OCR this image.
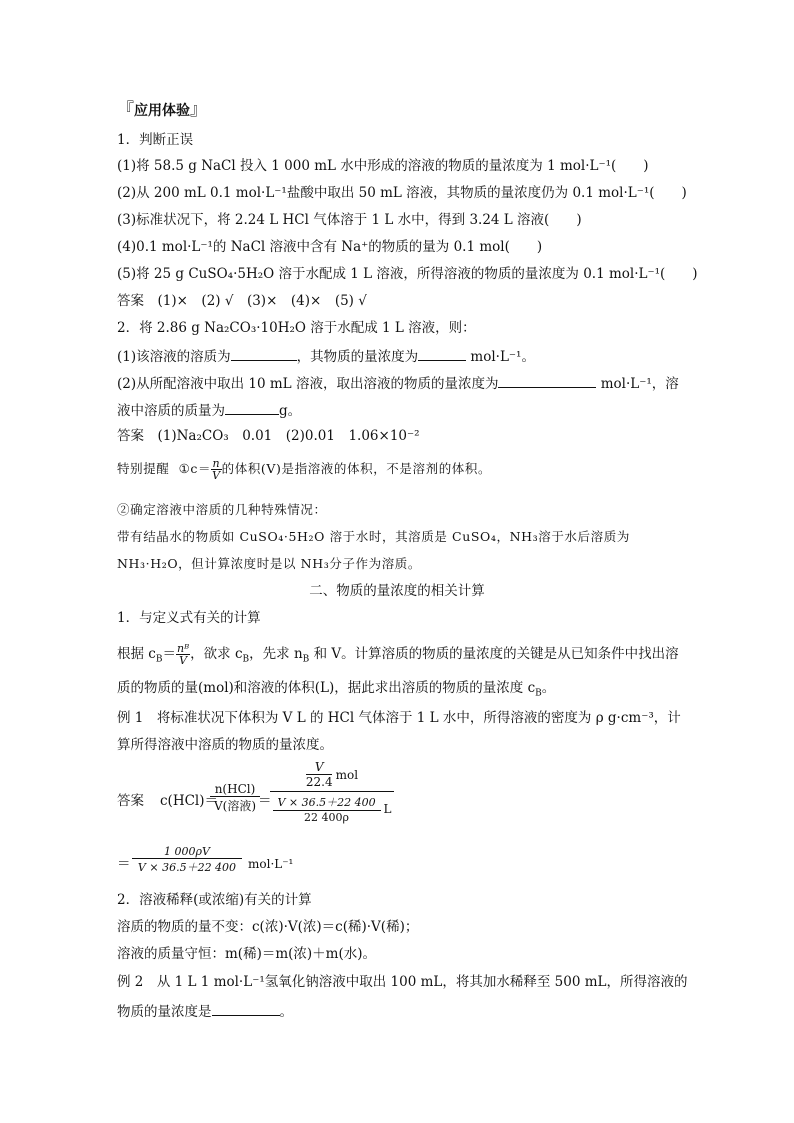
『应用体验』
1．判断正误
(1)将 58.5 g NaCl 投入 1 000 mL 水中形成的溶液的物质的量浓度为 1 mol·L⁻¹(　　)
(2)从 200 mL 0.1 mol·L⁻¹盐酸中取出 50 mL 溶液，其物质的量浓度仍为 0.1 mol·L⁻¹(　　)
(3)标准状况下，将 2.24 L HCl 气体溶于 1 L 水中，得到 3.24 L 溶液(　　)
(4)0.1 mol·L⁻¹的 NaCl 溶液中含有 Na⁺的物质的量为 0.1 mol(　　)
(5)将 25 g CuSO₄·5H₂O 溶于水配成 1 L 溶液，所得溶液的物质的量浓度为 0.1 mol·L⁻¹(　　)
答案　(1)×　(2) √　(3)×　(4)×　(5) √
2．将 2.86 g Na₂CO₃·10H₂O 溶于水配成 1 L 溶液，则：
(1)该溶液的溶质为	，其物质的量浓度为	mol·L⁻¹。
(2)从所配溶液中取出 10 mL 溶液，取出溶液的物质的量浓度为	mol·L⁻¹，溶
液中溶质的质量为	g。
答案　(1)Na₂CO₃　0.01　(2)0.01　1.06×10⁻²
特别提醒 ①c＝ $\frac{n}{V}$ 的体积(V)是指溶液的体积，不是溶剂的体积。
②确定溶液中溶质的几种特殊情况：
带有结晶水的物质如 CuSO₄·5H₂O 溶于水时，其溶质是 CuSO₄，NH₃溶于水后溶质为
NH₃·H₂O，但计算浓度时是以 NH₃分子作为溶质。
二、物质的量浓度的相关计算
1．与定义式有关的计算
根据 $c_B= \frac{\text{nᴮ}}{V}$ ，欲求 $c_B$，先求 $n_B$ 和 V。计算溶质的物质的量浓度的关键是从已知条件中找出溶
质的物质的量(mol)和溶液的体积(L)，据此求出溶质的物质的量浓度 $c_B$。
例 1　将标准状况下体积为 V L 的 HCl 气体溶于 1 L 水中，所得溶液的密度为 ρ g·cm⁻³，计
算所得溶液中溶质的物质的量浓度。
答案 c(HCl)＝
n(HCl)
V(溶液) ＝
V
22.4
mol
V × 36.5＋22 400
22 400ρ
L
＝
1 000ρV
V × 36.5＋22 400 mol·L⁻¹
2．溶液稀释(或浓缩)有关的计算
溶质的物质的量不变：c(浓)·V(浓)＝c(稀)·V(稀)；
溶液的质量守恒：m(稀)＝m(浓)＋m(水)。
例 2　从 1 L 1 mol·L⁻¹氢氧化钠溶液中取出 100 mL，将其加水稀释至 500 mL，所得溶液的
物质的量浓度是	。
